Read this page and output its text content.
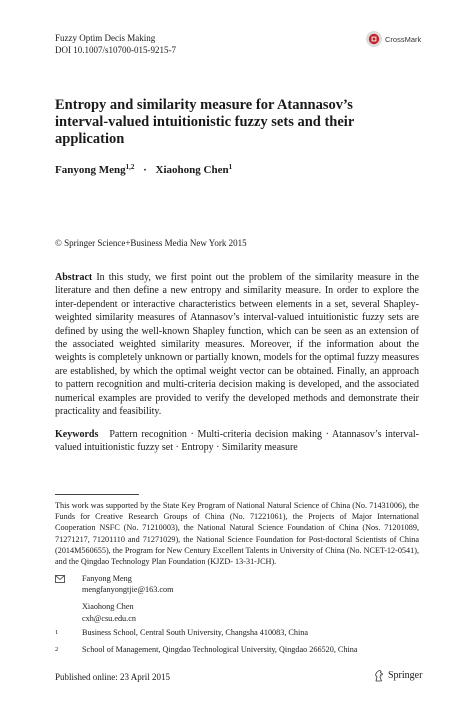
Fuzzy Optim Decis Making
DOI 10.1007/s10700-015-9215-7
CrossMark
Entropy and similarity measure for Atannasov’s interval-valued intuitionistic fuzzy sets and their application
Fanyong Meng$^{1,2}$ · Xiaohong Chen$^1$
© Springer Science+Business Media New York 2015

Abstract In this study, we first point out the problem of the similarity measure in the literature and then define a new entropy and similarity measure. In order to explore the inter-dependent or interactive characteristics between elements in a set, several Shapley-weighted similarity measures of Atannasov’s interval-valued intuitionistic fuzzy sets are defined by using the well-known Shapley function, which can be seen as an extension of the associated weighted similarity measures. Moreover, if the information about the weights is completely unknown or partially known, models for the optimal fuzzy measures are established, by which the optimal weight vector can be obtained. Finally, an approach to pattern recognition and multi-criteria decision making is developed, and the associated numerical examples are provided to verify the developed methods and demonstrate their practicality and feasibility.

Keywords Pattern recognition · Multi-criteria decision making · Atannasov’s interval-valued intuitionistic fuzzy set · Entropy · Similarity measure

This work was supported by the State Key Program of National Natural Science of China (No. 71431006), the Funds for Creative Research Groups of China (No. 71221061), the Projects of Major International Cooperation NSFC (No. 71210003), the National Natural Science Foundation of China (Nos. 71201089, 71271217, 71201110 and 71271029), the National Science Foundation for Post-doctoral Scientists of China (2014M560655), the Program for New Century Excellent Talents in University of China (No. NCET-12-0541), and the Qingdao Technology Plan Foundation (KJZD- 13-31-JCH).

Fanyong Meng
mengfanyongtjie@163.com
Xiaohong Chen
cxh@csu.edu.cn
$^1$	Business School, Central South University, Changsha 410083, China
$^2$	School of Management, Qingdao Technological University, Qingdao 266520, China
Published online: 23 April 2015	Springer
